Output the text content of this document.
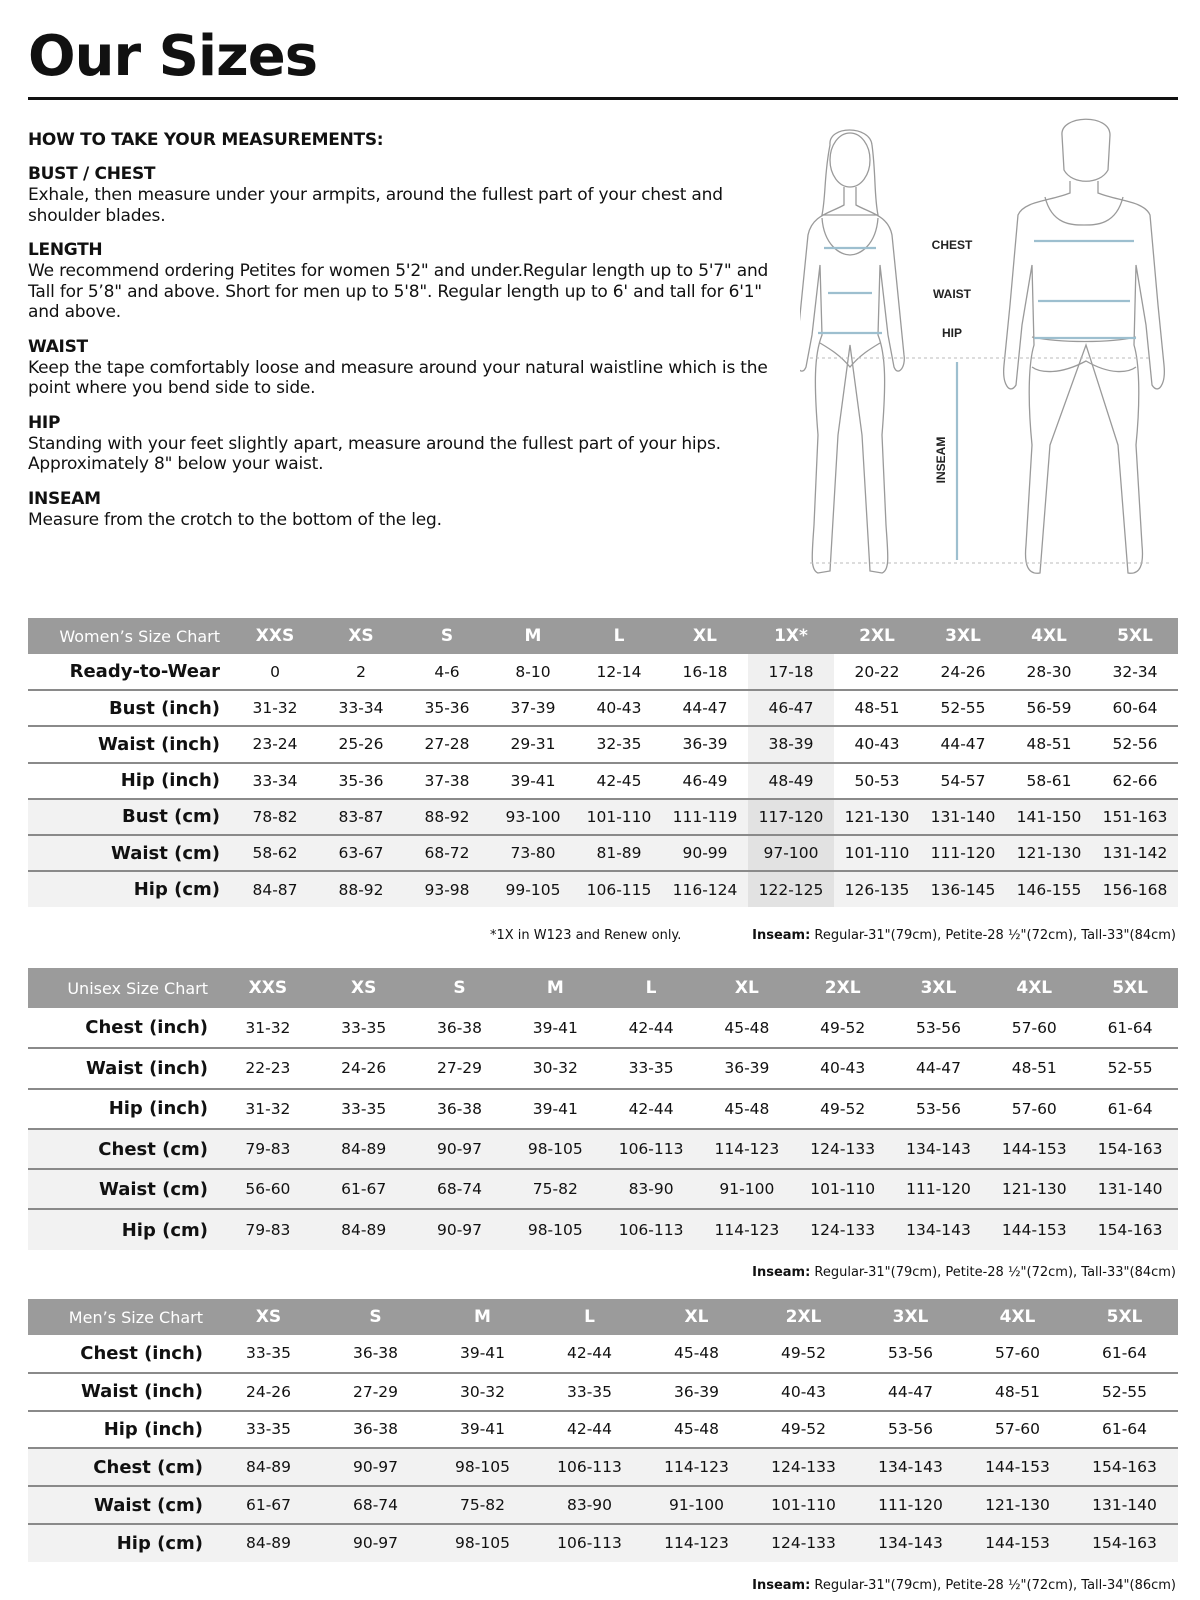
Our Sizes
HOW TO TAKE YOUR MEASUREMENTS:
BUST / CHEST

Exhale, then measure under your armpits, around the fullest part of your chest and shoulder blades.

LENGTH

We recommend ordering Petites for women 5'2" and under.Regular length up to 5'7" and Tall for 5’8" and above. Short for men up to 5'8". Regular length up to 6' and tall for 6'1" and above.

WAIST

Keep the tape comfortably loose and measure around your natural waistline which is the point where you bend side to side.

HIP

Standing with your feet slightly apart, measure around the fullest part of your hips. Approximately 8" below your waist.

INSEAM

Measure from the crotch to the bottom of the leg.

CHEST
WAIST
HIP
INSEAM
Women’s Size Chart	XXS	XS	S	M	L	XL	1X*	2XL	3XL	4XL	5XL
Ready-to-Wear	0	2	4-6	8-10	12-14	16-18	17-18	20-22	24-26	28-30	32-34
Bust (inch)	31-32	33-34	35-36	37-39	40-43	44-47	46-47	48-51	52-55	56-59	60-64
Waist (inch)	23-24	25-26	27-28	29-31	32-35	36-39	38-39	40-43	44-47	48-51	52-56
Hip (inch)	33-34	35-36	37-38	39-41	42-45	46-49	48-49	50-53	54-57	58-61	62-66
Bust (cm)	78-82	83-87	88-92	93-100	101-110	111-119	117-120	121-130	131-140	141-150	151-163
Waist (cm)	58-62	63-67	68-72	73-80	81-89	90-99	97-100	101-110	111-120	121-130	131-142
Hip (cm)	84-87	88-92	93-98	99-105	106-115	116-124	122-125	126-135	136-145	146-155	156-168
*1X in W123 and Renew only.	Inseam: Regular-31"(79cm), Petite-28 ½"(72cm), Tall-33"(84cm)
Unisex Size Chart	XXS	XS	S	M	L	XL	2XL	3XL	4XL	5XL
Chest (inch)	31-32	33-35	36-38	39-41	42-44	45-48	49-52	53-56	57-60	61-64
Waist (inch)	22-23	24-26	27-29	30-32	33-35	36-39	40-43	44-47	48-51	52-55
Hip (inch)	31-32	33-35	36-38	39-41	42-44	45-48	49-52	53-56	57-60	61-64
Chest (cm)	79-83	84-89	90-97	98-105	106-113	114-123	124-133	134-143	144-153	154-163
Waist (cm)	56-60	61-67	68-74	75-82	83-90	91-100	101-110	111-120	121-130	131-140
Hip (cm)	79-83	84-89	90-97	98-105	106-113	114-123	124-133	134-143	144-153	154-163
Inseam: Regular-31"(79cm), Petite-28 ½"(72cm), Tall-33"(84cm)
Men’s Size Chart	XS	S	M	L	XL	2XL	3XL	4XL	5XL
Chest (inch)	33-35	36-38	39-41	42-44	45-48	49-52	53-56	57-60	61-64
Waist (inch)	24-26	27-29	30-32	33-35	36-39	40-43	44-47	48-51	52-55
Hip (inch)	33-35	36-38	39-41	42-44	45-48	49-52	53-56	57-60	61-64
Chest (cm)	84-89	90-97	98-105	106-113	114-123	124-133	134-143	144-153	154-163
Waist (cm)	61-67	68-74	75-82	83-90	91-100	101-110	111-120	121-130	131-140
Hip (cm)	84-89	90-97	98-105	106-113	114-123	124-133	134-143	144-153	154-163
Inseam: Regular-31"(79cm), Petite-28 ½"(72cm), Tall-34"(86cm)
